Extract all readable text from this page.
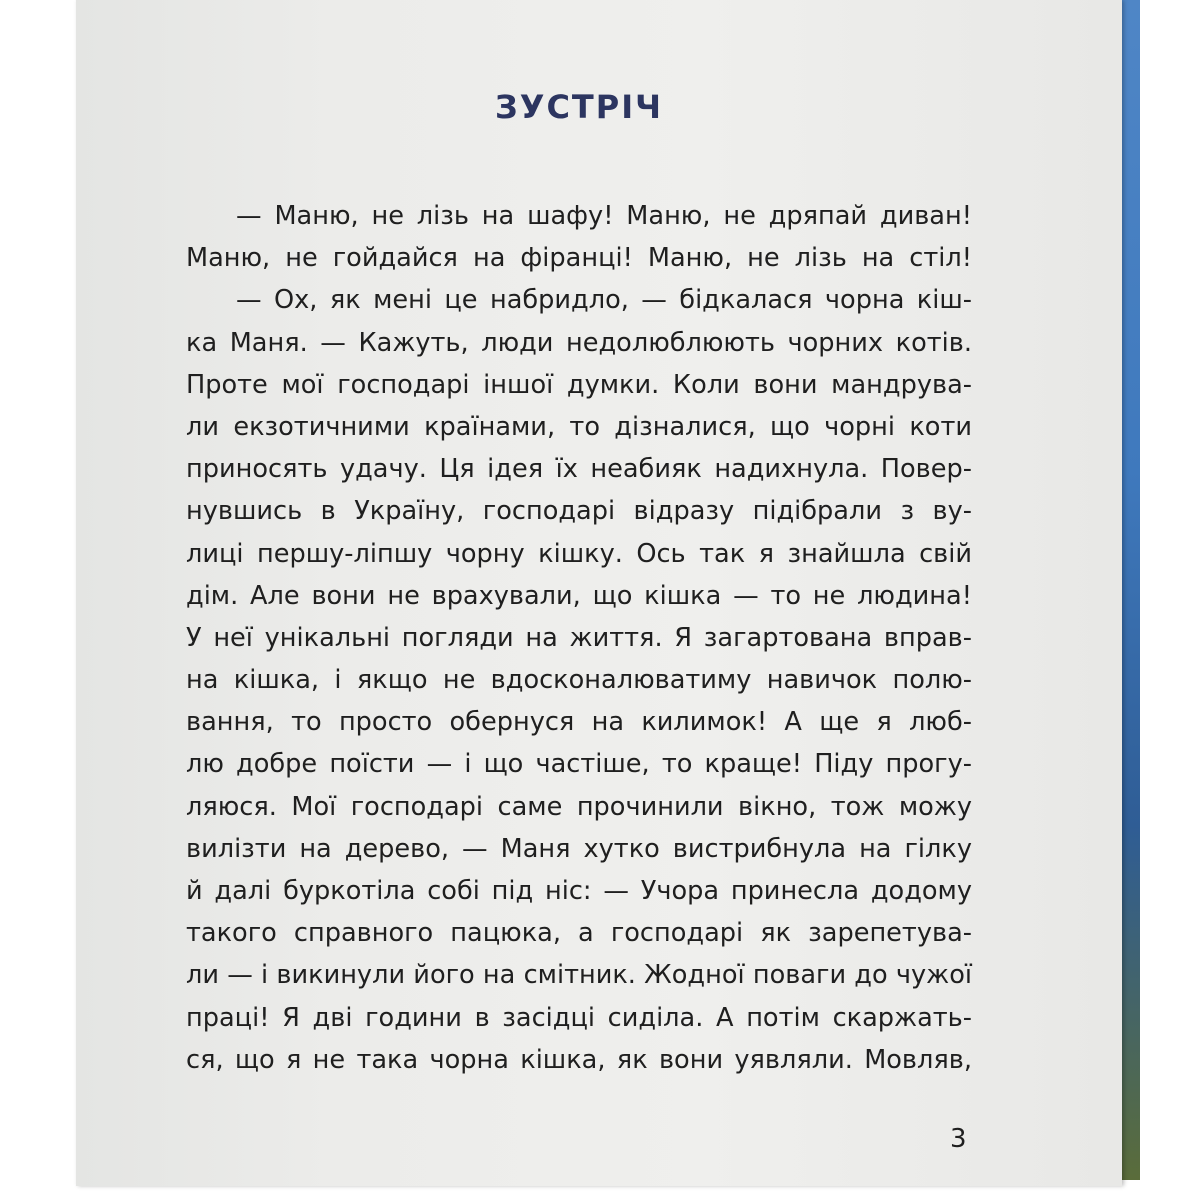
ЗУСТРІЧ
— Маню, не лізь на шафу! Маню, не дряпай диван!
Маню, не гойдайся на фіранці! Маню, не лізь на стіл!
— Ох, як мені це набридло, — бідкалася чорна кіш-
ка Маня. — Кажуть, люди недолюблюють чорних котів.
Проте мої господарі іншої думки. Коли вони мандрува-
ли екзотичними країнами, то дізналися, що чорні коти
приносять удачу. Ця ідея їх неабияк надихнула. Повер-
нувшись в Україну, господарі відразу підібрали з ву-
лиці першу-ліпшу чорну кішку. Ось так я знайшла свій
дім. Але вони не врахували, що кішка — то не людина!
У неї унікальні погляди на життя. Я загартована вправ-
на кішка, і якщо не вдосконалюватиму навичок полю-
вання, то просто обернуся на килимок! А ще я люб-
лю добре поїсти — і що частіше, то краще! Піду прогу-
ляюся. Мої господарі саме прочинили вікно, тож можу
вилізти на дерево, — Маня хутко вистрибнула на гілку
й далі буркотіла собі під ніс: — Учора принесла додому
такого справного пацюка, а господарі як зарепетува-
ли — і викинули його на смітник. Жодної поваги до чужої
праці! Я дві години в засідці сиділа. А потім скаржать-
ся, що я не така чорна кішка, як вони уявляли. Мовляв,
3
